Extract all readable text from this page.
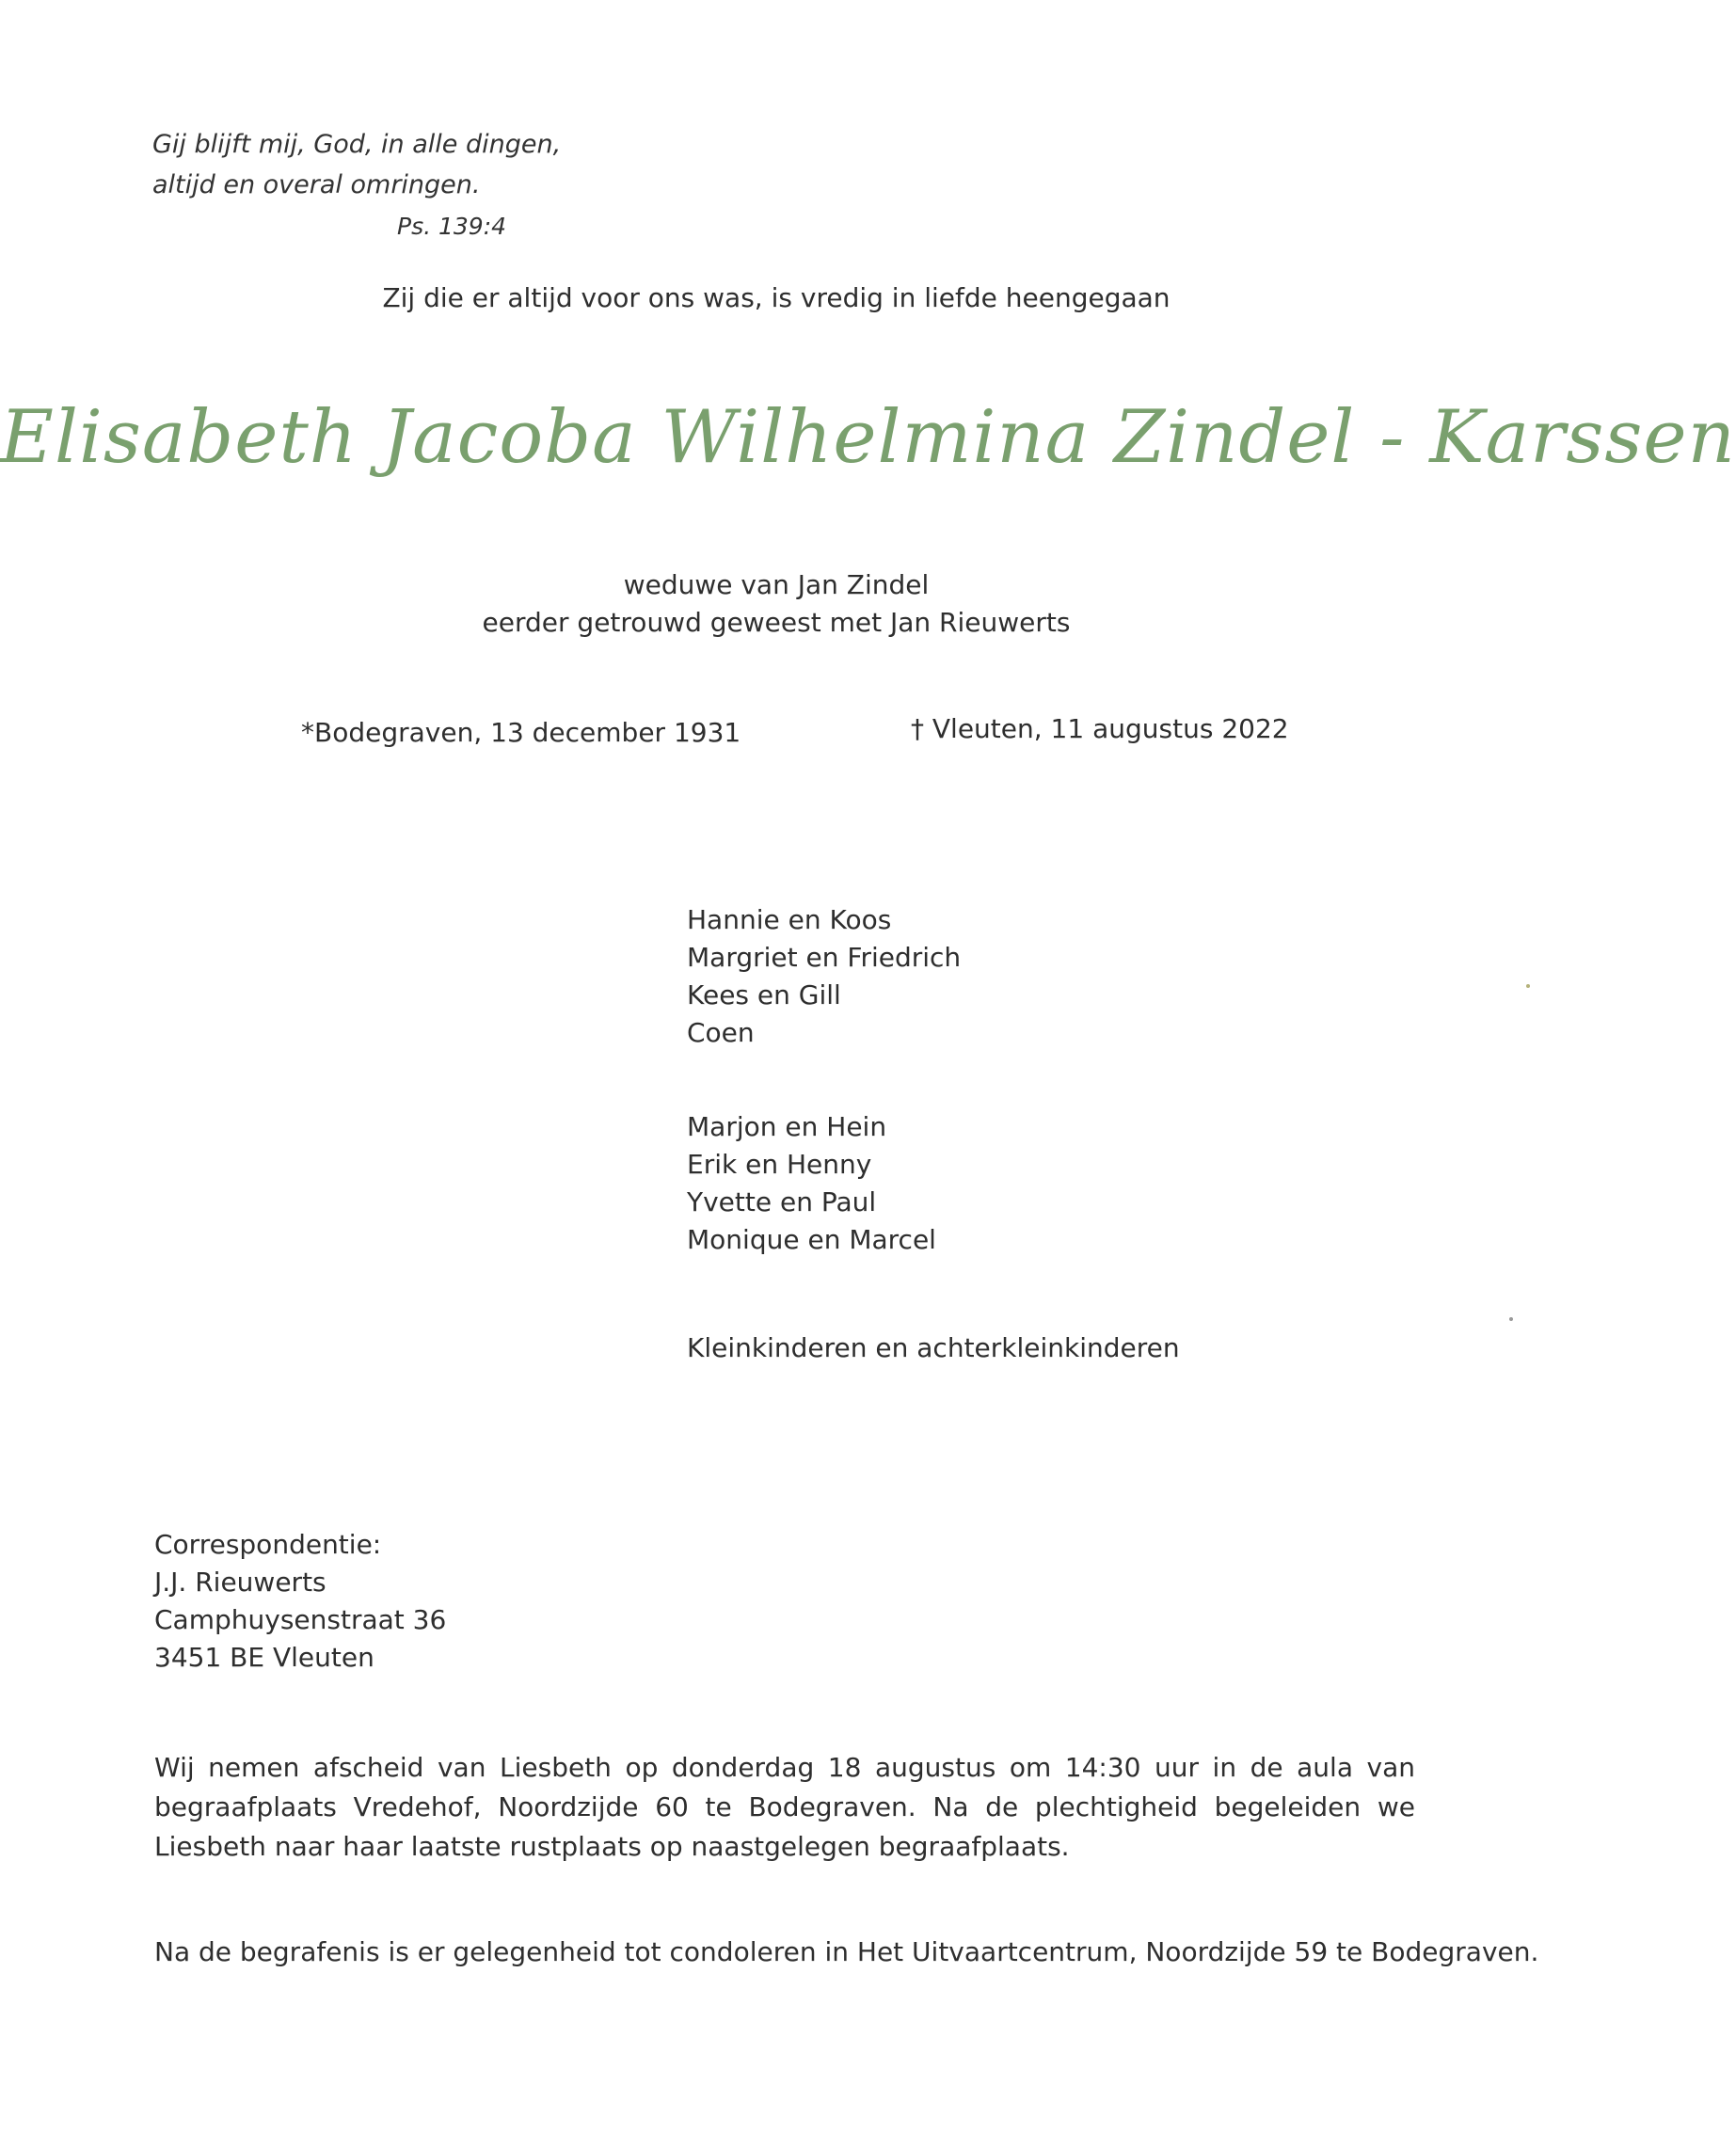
Gij blijft mij, God, in alle dingen,
altijd en overal omringen.
Ps. 139:4
Zij die er altijd voor ons was, is vredig in liefde heengegaan
Elisabeth Jacoba Wilhelmina Zindel - Karssen
weduwe van Jan Zindel
eerder getrouwd geweest met Jan Rieuwerts
*Bodegraven, 13 december 1931	† Vleuten, 11 augustus 2022
Hannie en Koos
Margriet en Friedrich
Kees en Gill
Coen
Marjon en Hein
Erik en Henny
Yvette en Paul
Monique en Marcel
Kleinkinderen en achterkleinkinderen
Correspondentie:
J.J. Rieuwerts
Camphuysenstraat 36
3451 BE Vleuten
Wij nemen afscheid van Liesbeth op donderdag 18 augustus om 14:30 uur in de aula van begraafplaats Vredehof, Noordzijde 60 te Bodegraven. Na de plechtigheid begeleiden we Liesbeth naar haar laatste rustplaats op naastgelegen begraafplaats.
Na de begrafenis is er gelegenheid tot condoleren in Het Uitvaartcentrum, Noordzijde 59 te Bodegraven.
